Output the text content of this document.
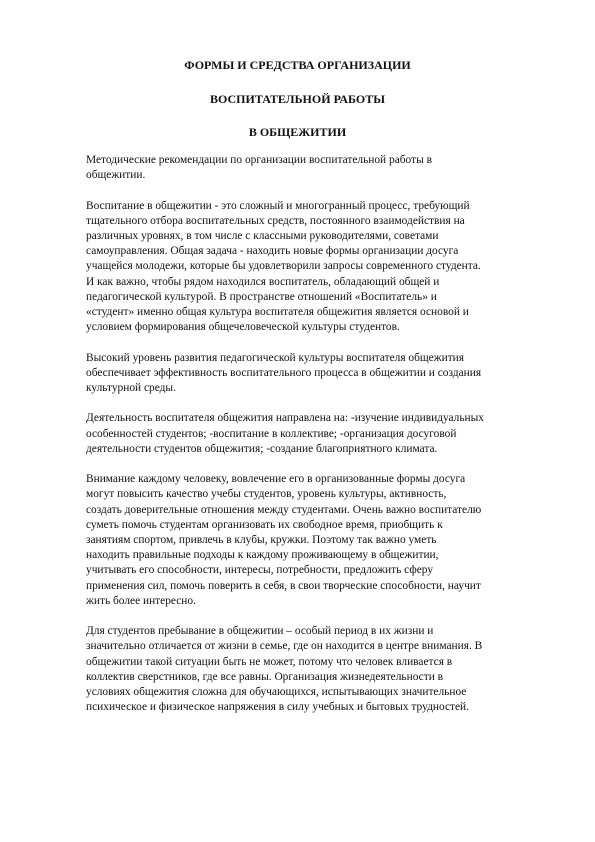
ФОРМЫ И СРЕДСТВА ОРГАНИЗАЦИИ
ВОСПИТАТЕЛЬНОЙ РАБОТЫ
В ОБЩЕЖИТИИ

Методические рекомендации по организации воспитательной работы в
общежитии.

Воспитание в общежитии - это сложный и многогранный процесс, требующий
тщательного отбора воспитательных средств, постоянного взаимодействия на
различных уровнях, в том числе с классными руководителями, советами
самоуправления. Общая задача - находить новые формы организации досуга
учащейся молодежи, которые бы удовлетворили запросы современного студента.
И как важно, чтобы рядом находился воспитатель, обладающий общей и
педагогической культурой. В пространстве отношений «Воспитатель» и
«студент» именно общая культура воспитателя общежития является основой и
условием формирования общечеловеческой культуры студентов.

Высокий уровень развития педагогической культуры воспитателя общежития
обеспечивает эффективность воспитательного процесса в общежитии и создания
культурной среды.

Деятельность воспитателя общежития направлена на: -изучение индивидуальных
особенностей студентов; -воспитание в коллективе; -организация досуговой
деятельности студентов общежития; -создание благоприятного климата.

Внимание каждому человеку, вовлечение его в организованные формы досуга
могут повысить качество учебы студентов, уровень культуры, активность,
создать доверительные отношения между студентами. Очень важно воспитателю
суметь помочь студентам организовать их свободное время, приобщить к
занятиям спортом, привлечь в клубы, кружки. Поэтому так важно уметь
находить правильные подходы к каждому проживающему в общежитии,
учитывать его способности, интересы, потребности, предложить сферу
применения сил, помочь поверить в себя, в свои творческие способности, научит
жить более интересно.

Для студентов пребывание в общежитии – особый период в их жизни и
значительно отличается от жизни в семье, где он находится в центре внимания. В
общежитии такой ситуации быть не может, потому что человек вливается в
коллектив сверстников, где все равны. Организация жизнедеятельности в
условиях общежития сложна для обучающихся, испытывающих значительное
психическое и физическое напряжения в силу учебных и бытовых трудностей.
